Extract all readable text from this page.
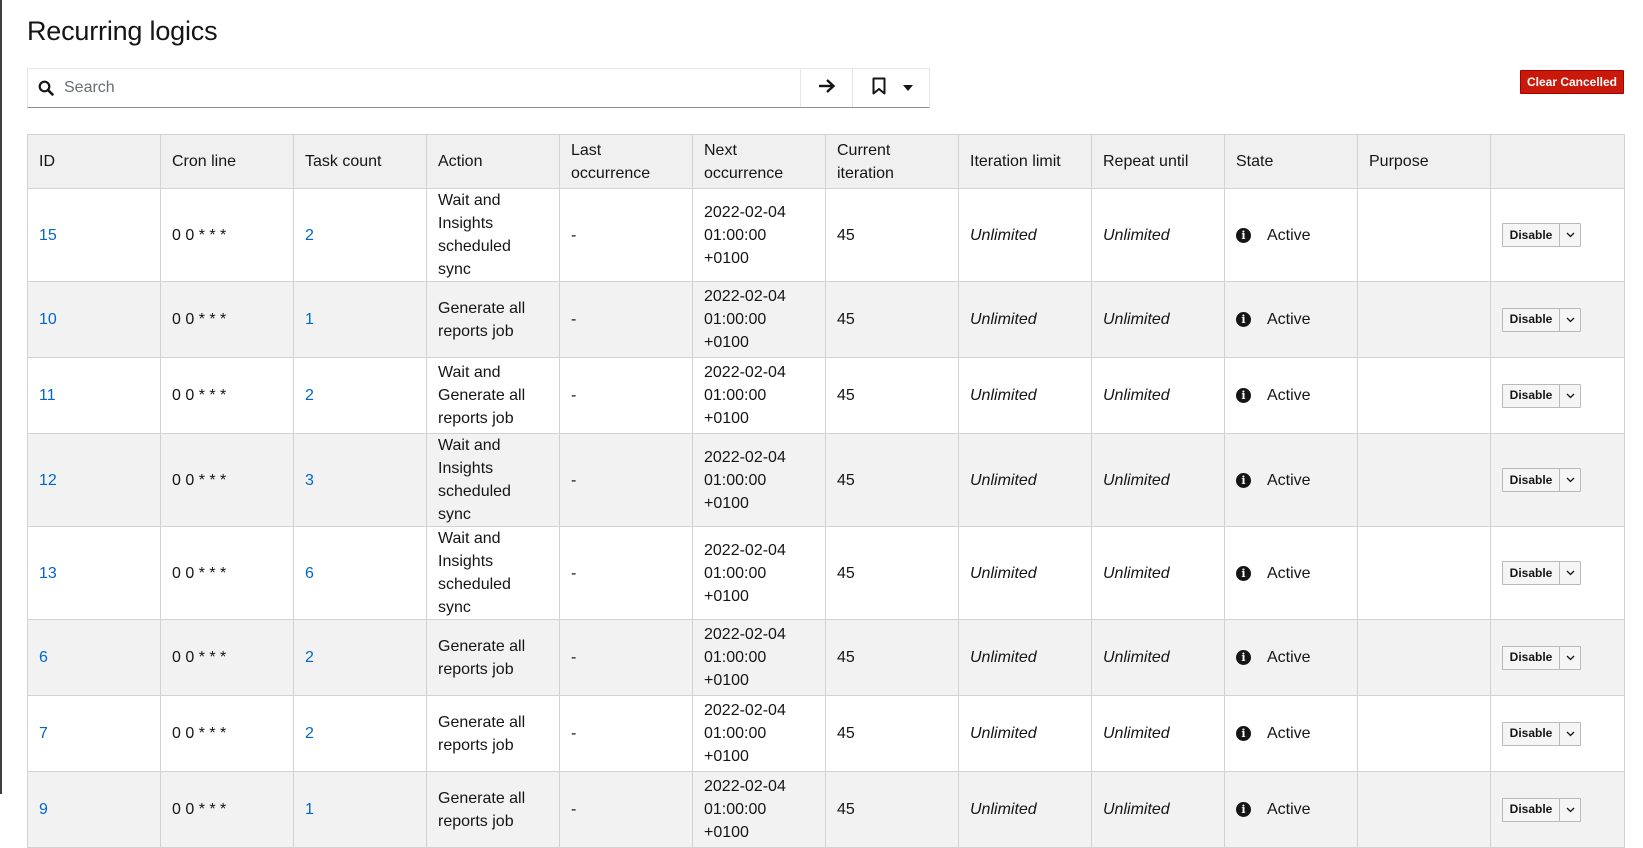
Recurring logics
Search
Clear Cancelled
ID	Cron line	Task count	Action	Last occurrence	Next occurrence	Current iteration	Iteration limit	Repeat until	State	Purpose	
15	0 0 * * *	2	Wait and Insights scheduled sync	-	2022-02-04 01:00:00 +0100	45	Unlimited	Unlimited	i Active		Disable

10	0 0 * * *	1	Generate all reports job	-	2022-02-04 01:00:00 +0100	45	Unlimited	Unlimited	i Active		Disable

11	0 0 * * *	2	Wait and Generate all reports job	-	2022-02-04 01:00:00 +0100	45	Unlimited	Unlimited	i Active		Disable

12	0 0 * * *	3	Wait and Insights scheduled sync	-	2022-02-04 01:00:00 +0100	45	Unlimited	Unlimited	i Active		Disable

13	0 0 * * *	6	Wait and Insights scheduled sync	-	2022-02-04 01:00:00 +0100	45	Unlimited	Unlimited	i Active		Disable

6	0 0 * * *	2	Generate all reports job	-	2022-02-04 01:00:00 +0100	45	Unlimited	Unlimited	i Active		Disable

7	0 0 * * *	2	Generate all reports job	-	2022-02-04 01:00:00 +0100	45	Unlimited	Unlimited	i Active		Disable

9	0 0 * * *	1	Generate all reports job	-	2022-02-04 01:00:00 +0100	45	Unlimited	Unlimited	i Active		Disable
